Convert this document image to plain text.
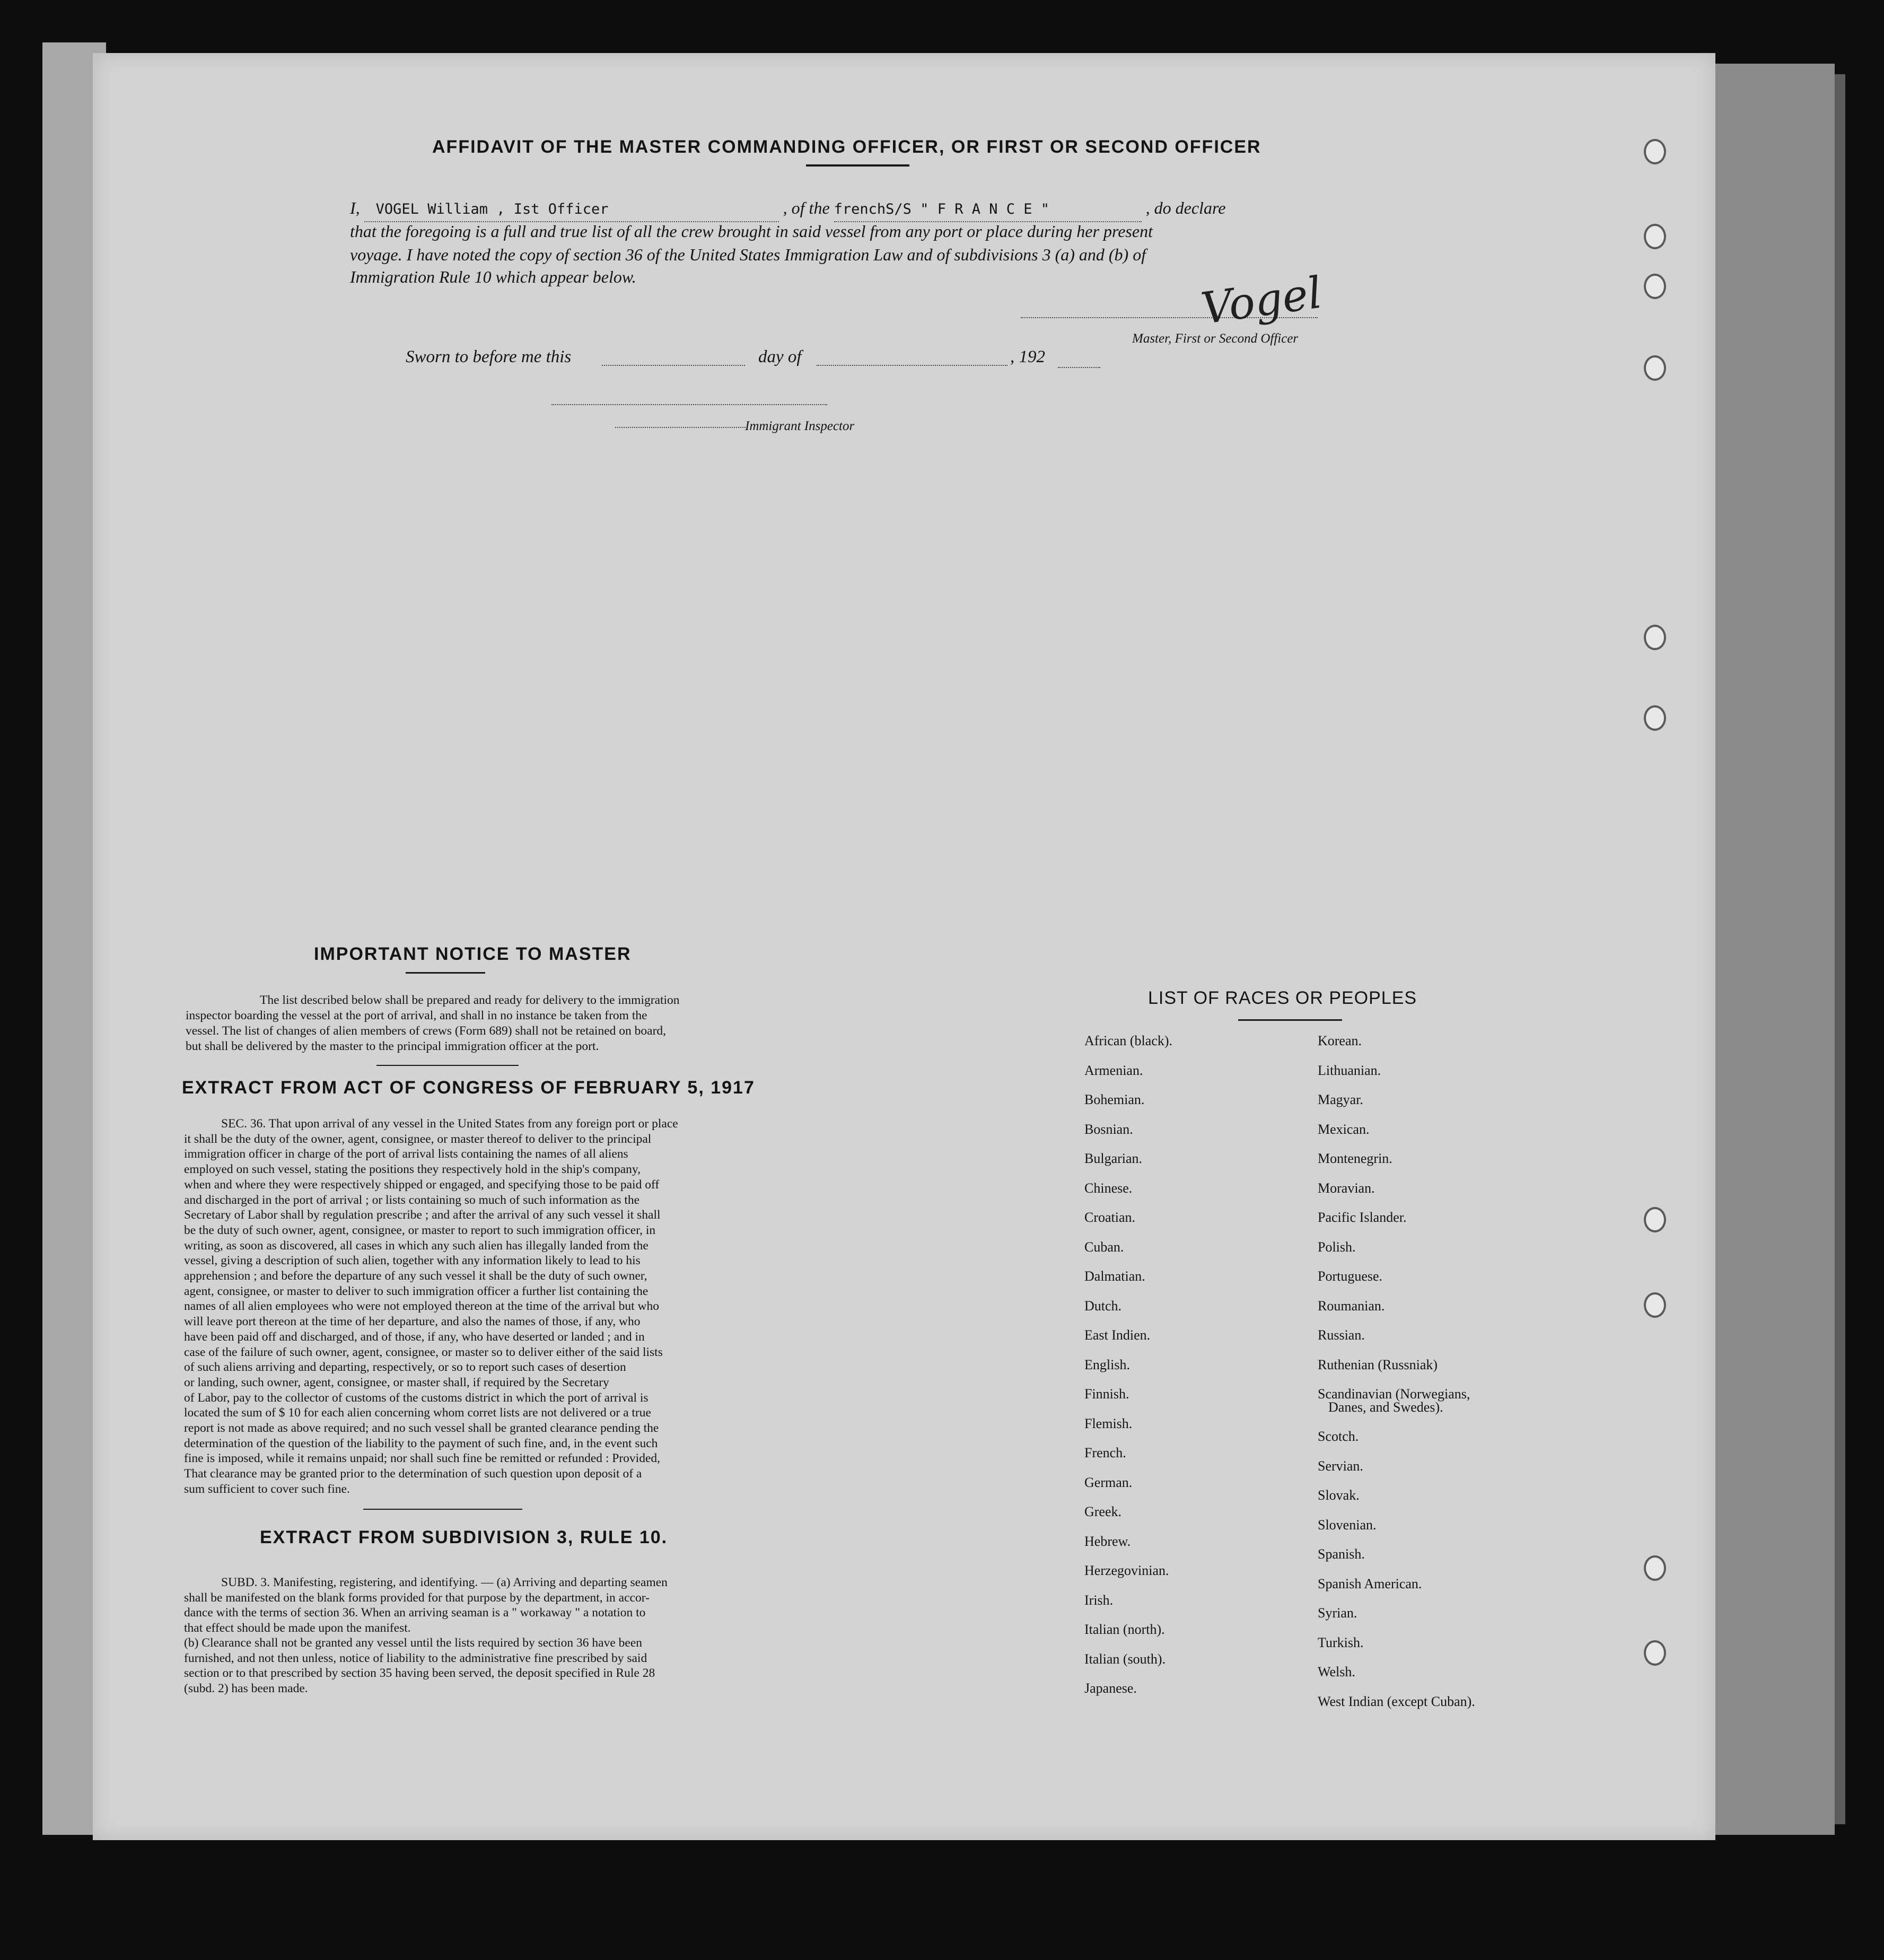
AFFIDAVIT OF THE MASTER COMMANDING OFFICER, OR FIRST OR SECOND OFFICER
I, VOGEL William , Ist Officer	, of the frenchS/S " F R A N C E "	, do declare
that the foregoing is a full and true list of all the crew brought in said vessel from any port or place during her present
voyage. I have noted the copy of section 36 of the United States Immigration Law and of subdivisions 3 (a) and (b) of
Immigration Rule 10 which appear below.	Vogel
Master, First or Second Officer
Sworn to before me this	day of	, 192
Immigrant Inspector
IMPORTANT NOTICE TO MASTER
The list described below shall be prepared and ready for delivery to the immigration
inspector boarding the vessel at the port of arrival, and shall in no instance be taken from the
vessel. The list of changes of alien members of crews (Form 689) shall not be retained on board,
but shall be delivered by the master to the principal immigration officer at the port.
EXTRACT FROM ACT OF CONGRESS OF FEBRUARY 5, 1917
SEC. 36. That upon arrival of any vessel in the United States from any foreign port or place
it shall be the duty of the owner, agent, consignee, or master thereof to deliver to the principal
immigration officer in charge of the port of arrival lists containing the names of all aliens
employed on such vessel, stating the positions they respectively hold in the ship's company,
when and where they were respectively shipped or engaged, and specifying those to be paid off
and discharged in the port of arrival ; or lists containing so much of such information as the
Secretary of Labor shall by regulation prescribe ; and after the arrival of any such vessel it shall
be the duty of such owner, agent, consignee, or master to report to such immigration officer, in
writing, as soon as discovered, all cases in which any such alien has illegally landed from the
vessel, giving a description of such alien, together with any information likely to lead to his
apprehension ; and before the departure of any such vessel it shall be the duty of such owner,
agent, consignee, or master to deliver to such immigration officer a further list containing the
names of all alien employees who were not employed thereon at the time of the arrival but who
will leave port thereon at the time of her departure, and also the names of those, if any, who
have been paid off and discharged, and of those, if any, who have deserted or landed ; and in
case of the failure of such owner, agent, consignee, or master so to deliver either of the said lists
of such aliens arriving and departing, respectively, or so to report such cases of desertion
or landing, such owner, agent, consignee, or master shall, if required by the Secretary
of Labor, pay to the collector of customs of the customs district in which the port of arrival is
located the sum of $ 10 for each alien concerning whom corret lists are not delivered or a true
report is not made as above required; and no such vessel shall be granted clearance pending the
determination of the question of the liability to the payment of such fine, and, in the event such
fine is imposed, while it remains unpaid; nor shall such fine be remitted or refunded : Provided,
That clearance may be granted prior to the determination of such question upon deposit of a
sum sufficient to cover such fine.
EXTRACT FROM SUBDIVISION 3, RULE 10.
SUBD. 3. Manifesting, registering, and identifying. — (a) Arriving and departing seamen
shall be manifested on the blank forms provided for that purpose by the department, in accor-
dance with the terms of section 36. When an arriving seaman is a " workaway " a notation to
that effect should be made upon the manifest.
(b) Clearance shall not be granted any vessel until the lists required by section 36 have been
furnished, and not then unless, notice of liability to the administrative fine prescribed by said
section or to that prescribed by section 35 having been served, the deposit specified in Rule 28
(subd. 2) has been made.
LIST OF RACES OR PEOPLES
African (black).
Armenian.
Bohemian.
Bosnian.
Bulgarian.
Chinese.
Croatian.
Cuban.
Dalmatian.
Dutch.
East Indien.
English.
Finnish.
Flemish.
French.
German.
Greek.
Hebrew.
Herzegovinian.
Irish.
Italian (north).
Italian (south).
Japanese.
Korean.
Lithuanian.
Magyar.
Mexican.
Montenegrin.
Moravian.
Pacific Islander.
Polish.
Portuguese.
Roumanian.
Russian.
Ruthenian (Russniak)
Scandinavian (Norwegians,
Danes, and Swedes).
Scotch.
Servian.
Slovak.
Slovenian.
Spanish.
Spanish American.
Syrian.
Turkish.
Welsh.
West Indian (except Cuban).
